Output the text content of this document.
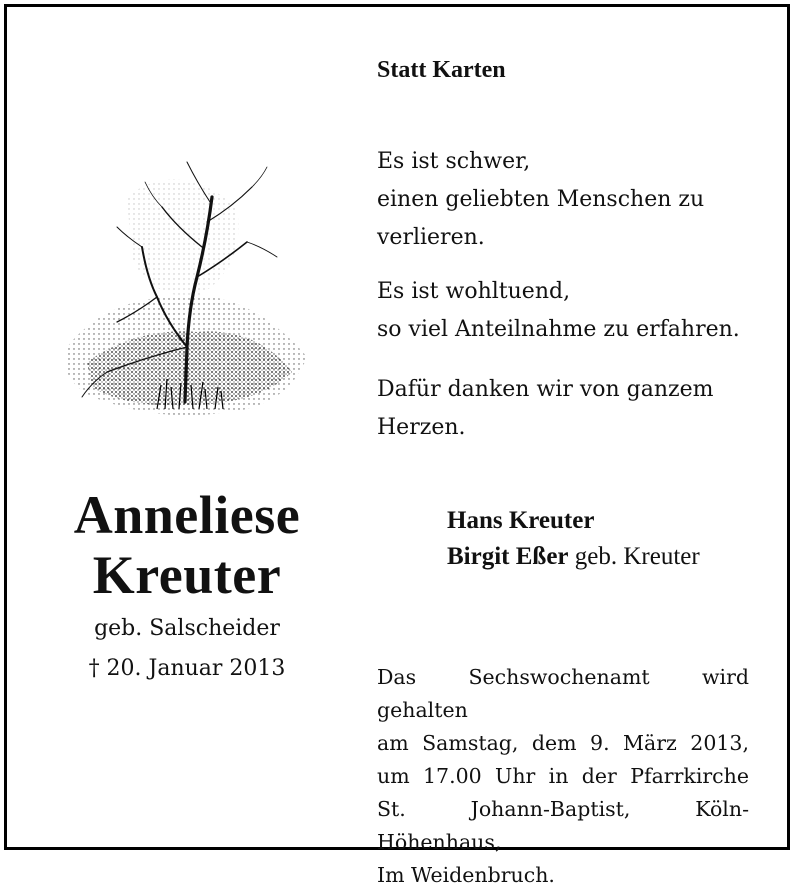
Anneliese
Kreuter
geb. Salscheider
† 20. Januar 2013
Statt Karten
Es ist schwer,
einen geliebten Menschen zu
verlieren.
Es ist wohltuend,
so viel Anteilnahme zu erfahren.
Dafür danken wir von ganzem
Herzen.
Hans Kreuter
Birgit Eßer geb. Kreuter
Das Sechswochenamt wird gehalten
am Samstag, dem 9. März 2013,
um 17.00 Uhr in der Pfarrkirche
St. Johann-Baptist, Köln-Höhenhaus,
Im Weidenbruch.
